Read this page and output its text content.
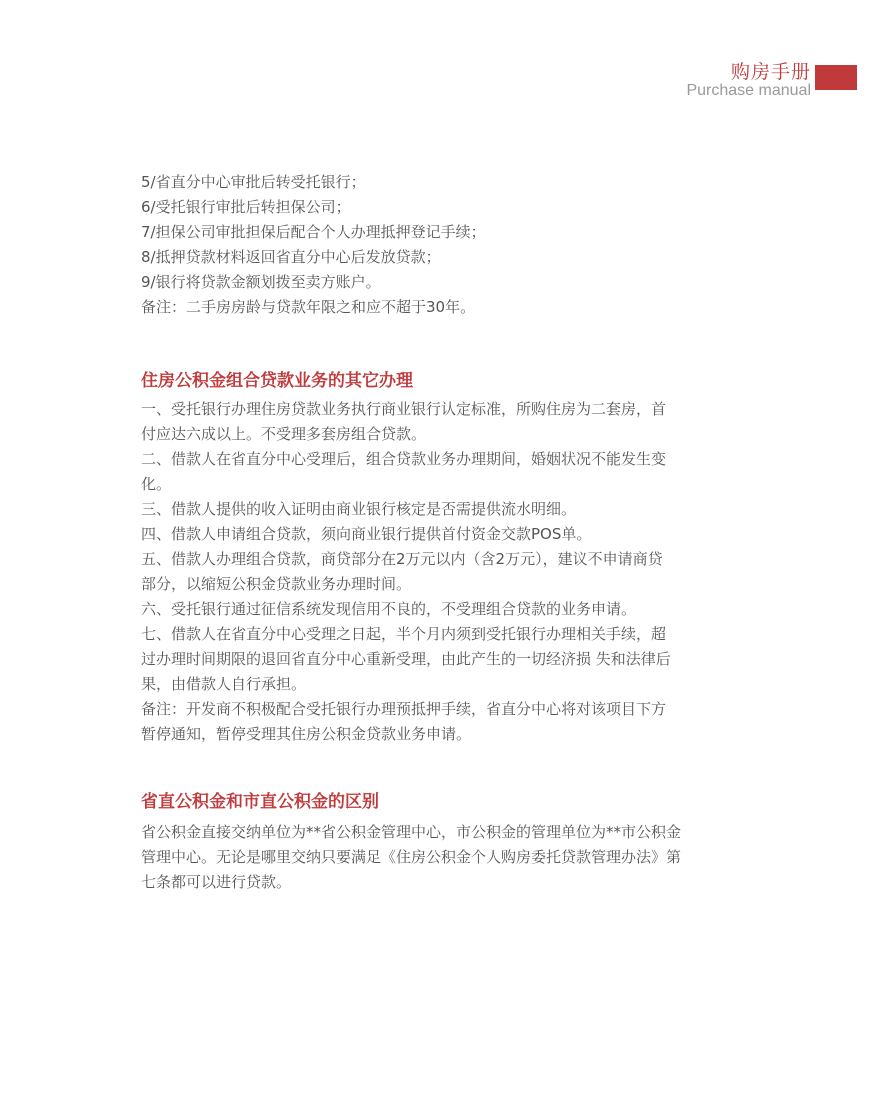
购房手册
Purchase manual
5/省直分中心审批后转受托银行；
6/受托银行审批后转担保公司；
7/担保公司审批担保后配合个人办理抵押登记手续；
8/抵押贷款材料返回省直分中心后发放贷款；
9/银行将贷款金额划拨至卖方账户。
备注：二手房房龄与贷款年限之和应不超于30年。
住房公积金组合贷款业务的其它办理
一、受托银行办理住房贷款业务执行商业银行认定标准，所购住房为二套房，首
付应达六成以上。不受理多套房组合贷款。
二、借款人在省直分中心受理后，组合贷款业务办理期间，婚姻状况不能发生变
化。
三、借款人提供的收入证明由商业银行核定是否需提供流水明细。
四、借款人申请组合贷款，须向商业银行提供首付资金交款POS单。
五、借款人办理组合贷款，商贷部分在2万元以内（含2万元），建议不申请商贷
部分，以缩短公积金贷款业务办理时间。
六、受托银行通过征信系统发现信用不良的，不受理组合贷款的业务申请。
七、借款人在省直分中心受理之日起，半个月内须到受托银行办理相关手续，超
过办理时间期限的退回省直分中心重新受理，由此产生的一切经济损 失和法律后
果，由借款人自行承担。
备注：开发商不积极配合受托银行办理预抵押手续，省直分中心将对该项目下方
暂停通知，暂停受理其住房公积金贷款业务申请。
省直公积金和市直公积金的区别
省公积金直接交纳单位为**省公积金管理中心，市公积金的管理单位为**市公积金
管理中心。无论是哪里交纳只要满足《住房公积金个人购房委托贷款管理办法》第
七条都可以进行贷款。
